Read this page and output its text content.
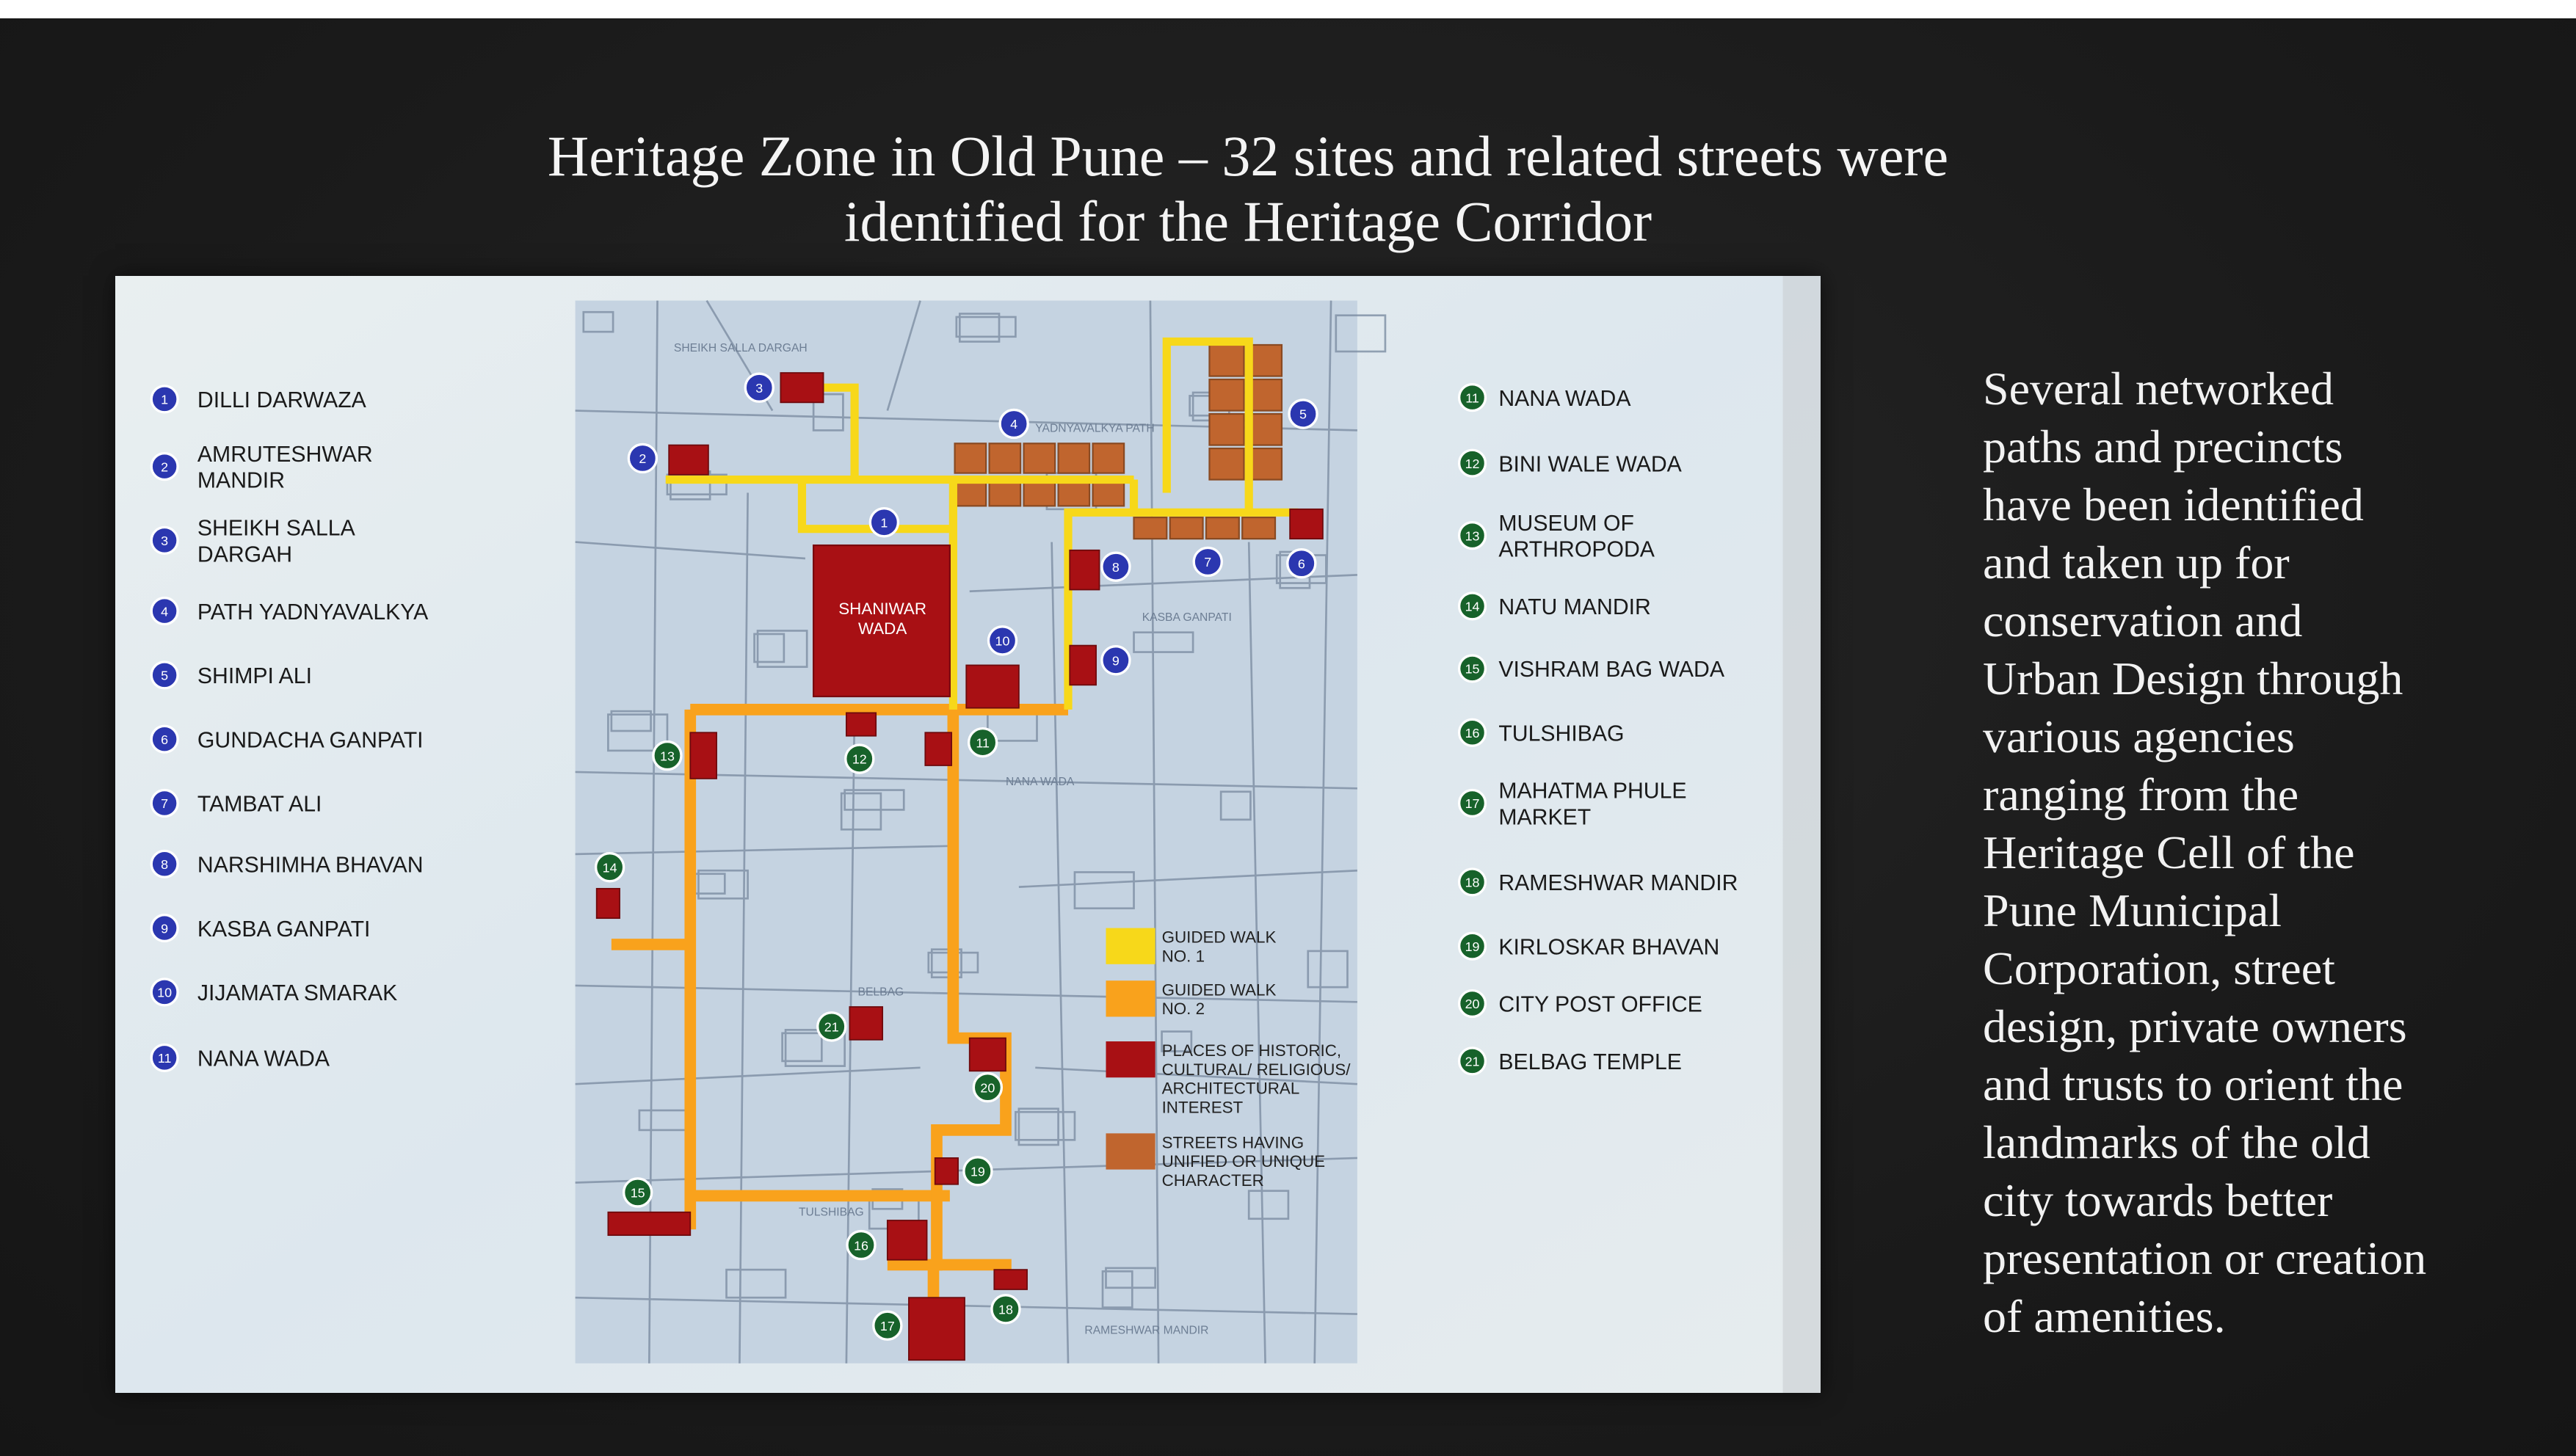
Heritage Zone in Old Pune – 32 sites and related streets were
identified for the Heritage Corridor
Several networked
paths and precincts
have been identified
and taken up for
conservation and
Urban Design through
various agencies
ranging from the
Heritage Cell of the
Pune Municipal
Corporation, street
design, private owners
and trusts to orient the
landmarks of the old
city towards better
presentation or creation
of amenities.
KASBA GANPATI
NANA WADA
BELBAG
TULSHIBAG
RAMESHWAR MANDIR
SHEIKH SALLA DARGAH
YADNYAVALKYA PATH
SHANIWAR
WADA
1
2
3
4
5
6
7
8
9
10
11
12
13
14
15
16
17
18
19
20
21
1	DILLI DARWAZA
2
AMRUTESHWAR
MANDIR
3
SHEIKH SALLA
DARGAH
4	PATH YADNYAVALKYA
5	SHIMPI ALI
6	GUNDACHA GANPATI
7	TAMBAT ALI
8	NARSHIMHA BHAVAN
9	KASBA GANPATI
10	JIJAMATA SMARAK
11	NANA WADA
11 NANA WADA
12 BINI WALE WADA
13
MUSEUM OF
ARTHROPODA
14 NATU MANDIR
15 VISHRAM BAG WADA
16 TULSHIBAG
17
MAHATMA PHULE
MARKET
18 RAMESHWAR MANDIR
19 KIRLOSKAR BHAVAN
20 CITY POST OFFICE
21 BELBAG TEMPLE
GUIDED WALK
NO. 1
GUIDED WALK
NO. 2
PLACES OF HISTORIC,
CULTURAL/ RELIGIOUS/
ARCHITECTURAL
INTEREST
STREETS HAVING
UNIFIED OR UNIQUE
CHARACTER
